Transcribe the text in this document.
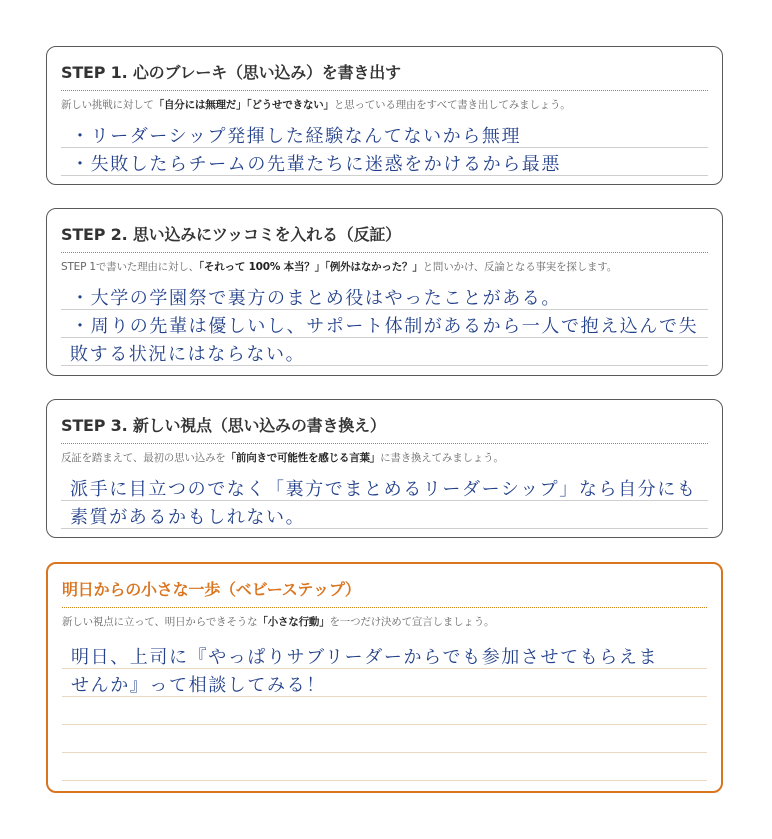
STEP 1. 心のブレーキ（思い込み）を書き出す
新しい挑戦に対して「自分には無理だ」「どうせできない」と思っている理由をすべて書き出してみましょう。
・リーダーシップ発揮した経験なんてないから無理
・失敗したらチームの先輩たちに迷惑をかけるから最悪
STEP 2. 思い込みにツッコミを入れる（反証）
STEP 1で書いた理由に対し、「それって 100% 本当？」「例外はなかった？」と問いかけ、反論となる事実を探します。
・大学の学園祭で裏方のまとめ役はやったことがある。
・周りの先輩は優しいし、サポート体制があるから一人で抱え込んで失
敗する状況にはならない。
STEP 3. 新しい視点（思い込みの書き換え）
反証を踏まえて、最初の思い込みを「前向きで可能性を感じる言葉」に書き換えてみましょう。
派手に目立つのでなく「裏方でまとめるリーダーシップ」なら自分にも
素質があるかもしれない。
明日からの小さな一歩（ベビーステップ）
新しい視点に立って、明日からできそうな「小さな行動」を一つだけ決めて宣言しましょう。
明日、上司に『やっぱりサブリーダーからでも参加させてもらえま
せんか』って相談してみる！
